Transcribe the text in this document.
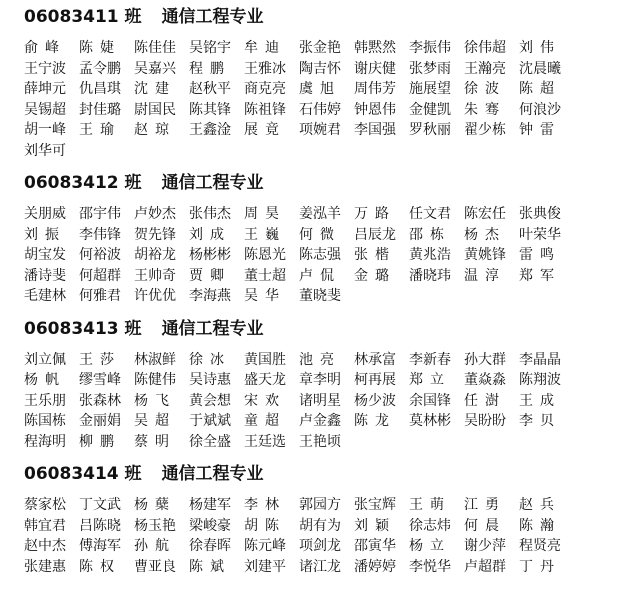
06083411 班 通信工程专业
俞峰 陈婕 陈佳佳 吴铭宇 牟迪 张金艳 韩黙然 李振伟 徐伟超 刘伟
王宁波 孟令鹏 吴嘉兴 程鹏 王雅冰 陶吉怀 谢庆健 张梦雨 王瀚亮 沈晨曦
薛坤元 仇昌琪 沈建 赵秋平 商克亮 虞旭 周伟芳 施展望 徐波 陈超
吴锡超 封佳璐 尉国民 陈其锋 陈祖锋 石伟婷 钟恩伟 金健凯 朱骞 何浪沙
胡一峰 王瑜 赵琼 王鑫淦 展竟 项婉君 李国强 罗秋丽 翟少栋 钟雷
刘华可
06083412 班 通信工程专业
关朋威 邵宇伟 卢妙杰 张伟杰 周昊 姜泓羊 万路 任文君 陈宏任 张典俊
刘振 李伟锋 贺先锋 刘成 王巍 何微 吕辰龙 邵栋 杨杰 叶荣华
胡宝发 何裕波 胡裕龙 杨彬彬 陈恩光 陈志强 张楷 黄兆浩 黄姚锋 雷鸣
潘诗斐 何超群 王帅奇 贾卿 董士超 卢侃 金璐 潘晓玮 温淳 郑军
毛建林 何雅君 许优优 李海燕 吴华 董晓斐
06083413 班 通信工程专业
刘立佩 王莎 林淑鲜 徐冰 黄国胜 池亮 林承富 李新春 孙大群 李晶晶
杨帆 缪雪峰 陈健伟 吴诗惠 盛天龙 章李明 柯再展 郑立 董焱淼 陈翔波
王乐朋 张森林 杨飞 黄会想 宋欢 诸明星 杨少波 余国锋 任澍 王成
陈国栋 金丽娟 吴超 于斌斌 童超 卢金鑫 陈龙 莫林彬 吴盼盼 李贝
程海明 柳鹏 蔡明 徐全盛 王廷选 王艳顷
06083414 班 通信工程专业
蔡家松 丁文武 杨蘖 杨建军 李林 郭园方 张宝辉 王萌 江勇 赵兵
韩宜君 吕陈晓 杨玉艳 梁峻豪 胡陈 胡有为 刘颖 徐志炜 何晨 陈瀚
赵中杰 傅海军 孙航 徐春晖 陈元峰 项剑龙 邵寅华 杨立 谢少萍 程贤亮
张建惠 陈权 曹亚良 陈斌 刘建平 诸江龙 潘婷婷 李悦华 卢超群 丁丹
